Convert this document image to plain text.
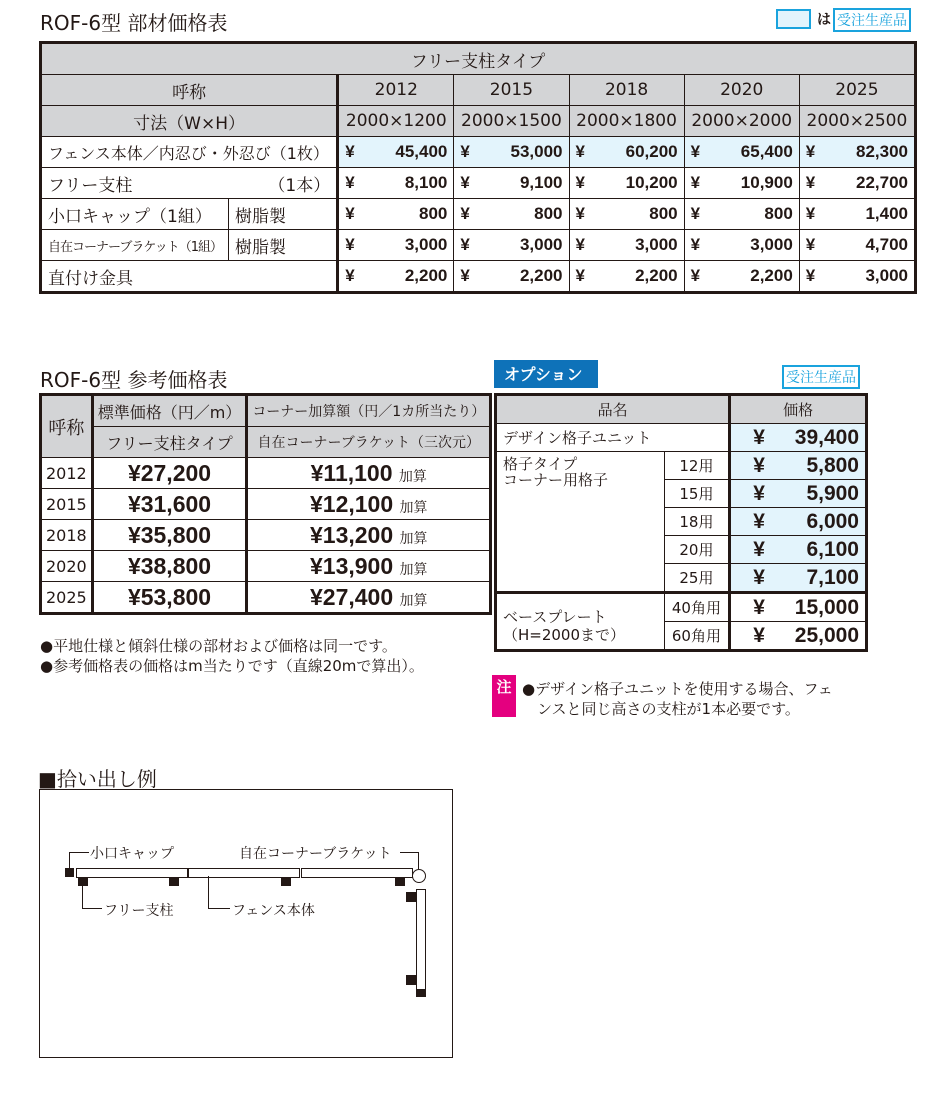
ROF-6型 部材価格表	は 受注生産品
フリー支柱タイプ						
呼称		2012	2015	2018	2020	2025
寸法（W×H）		2000×1200	2000×1500	2000×1800	2000×2000	2000×2500
フェンス本体／内忍び・外忍び（1枚）		¥ 45,400	¥ 53,000	¥ 60,200	¥ 65,400	¥ 82,300

フリー支柱 （1本）		¥ 8,100	¥ 9,100	¥ 10,200	¥ 10,900	¥ 22,700

小口キャップ（1組）	樹脂製	¥ 800	¥ 800	¥ 800	¥ 800	¥ 1,400

自在コーナーブラケット（1組）	樹脂製	¥ 3,000	¥ 3,000	¥ 3,000	¥ 3,000	¥ 4,700

直付け金具		¥ 2,200	¥ 2,200	¥ 2,200	¥ 2,200	¥ 3,000
ROF-6型 参考価格表
呼称	標準価格（円／m）	コーナー加算額（円／1カ所当たり）
	フリー支柱タイプ	自在コーナーブラケット（三次元）
2012	¥27,200	¥11,100 加算
2015	¥31,600	¥12,100 加算
2018	¥35,800	¥13,200 加算
2020	¥38,800	¥13,900 加算
2025	¥53,800	¥27,400 加算
●平地仕様と傾斜仕様の部材および価格は同一です。
●参考価格表の価格はm当たりです（直線20mで算出）。
オプション	受注生産品
品名		価格
デザイン格子ユニット		¥ 39,400

格子タイプ
コーナー用格子
	12用	¥ 5,800

	15用	¥ 5,900

	18用	¥ 6,000

	20用	¥ 6,100

	25用	¥ 7,100

ベースプレート
（H=2000まで）
	40角用	¥ 15,000

	60角用	¥ 25,000
注 ●デザイン格子ユニットを使用する場合、フェ
ンスと同じ高さの支柱が1本必要です。
■拾い出し例
小口キャップ	自在コーナーブラケット
フリー支柱	フェンス本体
